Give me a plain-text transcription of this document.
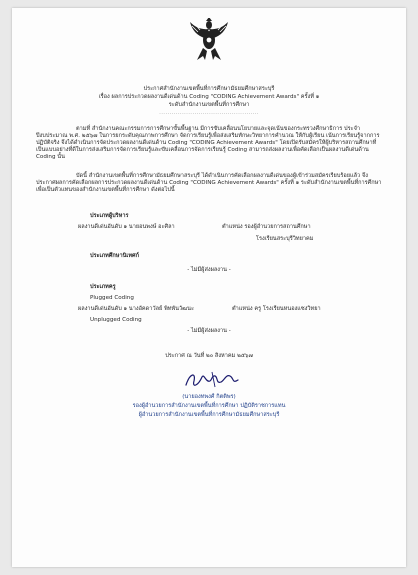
ประกาศสำนักงานเขตพื้นที่การศึกษามัธยมศึกษาสระบุรี
เรื่อง ผลการประกวดผลงานดีเด่นด้าน Coding "CODING Achievement Awards" ครั้งที่ ๑
ระดับสำนักงานเขตพื้นที่การศึกษา
................................................
ตามที่ สำนักงานคณะกรรมการการศึกษาขั้นพื้นฐาน มีการขับเคลื่อนนโยบายและจุดเน้นของกระทรวงศึกษาธิการ ประจำปีงบประมาณ พ.ศ. ๒๕๖๗ ในการยกระดับคุณภาพการศึกษา จัดการเรียนรู้เพื่อส่งเสริมทักษะวิทยาการคำนวณ ให้กับผู้เรียน เน้นการเรียนรู้จากการปฏิบัติจริง จึงได้ดำเนินการจัดประกวดผลงานดีเด่นด้าน Coding "CODING Achievement Awards" โดยเปิดรับสมัครให้ผู้บริหารสถานศึกษาที่เป็นแบบอย่างที่ดีในการส่งเสริมการจัดการเรียนรู้และขับเคลื่อนการจัดการเรียนรู้ Coding สามารถส่งผลงานเพื่อคัดเลือกเป็นผลงานดีเด่นด้าน Coding นั้น
บัดนี้ สำนักงานเขตพื้นที่การศึกษามัธยมศึกษาสระบุรี ได้ดำเนินการคัดเลือกผลงานดีเด่นของผู้เข้าร่วมสมัครเรียบร้อยแล้ว จึงประกาศผลการคัดเลือกผลการประกวดผลงานดีเด่นด้าน Coding "CODING Achievement Awards" ครั้งที่ ๑ ระดับสำนักงานเขตพื้นที่การศึกษา เพื่อเป็นตัวแทนของสำนักงานเขตพื้นที่การศึกษา ดังต่อไปนี้
ประเภทผู้บริหาร
ผลงานดีเด่นอันดับ ๑ นายอนพงษ์ อะศิลา	ตำแหน่ง รองผู้อำนวยการสถานศึกษา
โรงเรียนสระบุรีวิทยาคม
ประเภทศึกษานิเทศก์
- ไม่มีผู้ส่งผลงาน -
ประเภทครู
Plugged Coding
ผลงานดีเด่นอันดับ ๑ นางอัคดาวัลย์ พิทพันวัฒนะ	ตำแหน่ง ครู โรงเรียนหนองแซงวิทยา
Unplugged Coding
- ไม่มีผู้ส่งผลงาน -
ประกาศ ณ วันที่ ๒๐ สิงหาคม ๒๕๖๗
(นายองทพงศ์ กิตติพร)
รองผู้อำนวยการสำนักงานเขตพื้นที่การศึกษา ปฏิบัติราชการแทน
ผู้อำนวยการสำนักงานเขตพื้นที่การศึกษามัธยมศึกษาสระบุรี
